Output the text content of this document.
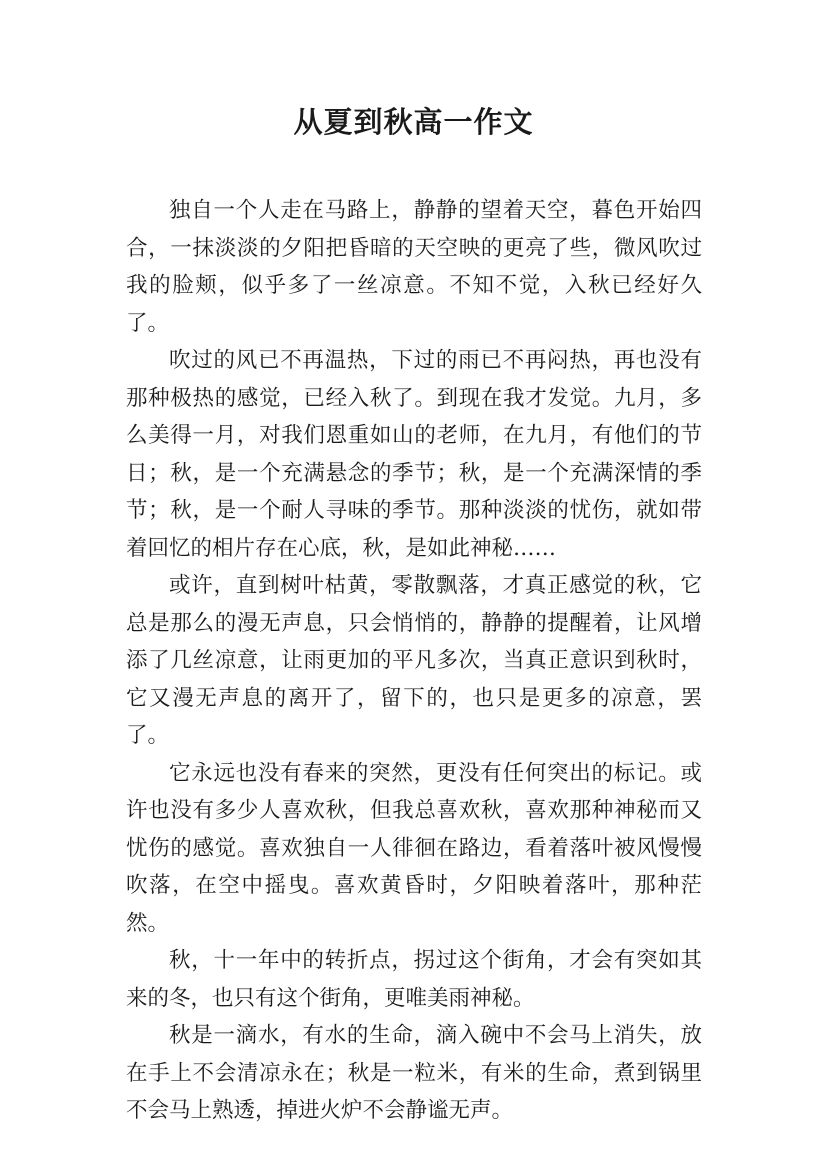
从夏到秋高一作文

独自一个人走在马路上，静静的望着天空，暮色开始四合，一抹淡淡的夕阳把昏暗的天空映的更亮了些，微风吹过我的脸颊，似乎多了一丝凉意。不知不觉，入秋已经好久了。

吹过的风已不再温热，下过的雨已不再闷热，再也没有那种极热的感觉，已经入秋了。到现在我才发觉。九月，多么美得一月，对我们恩重如山的老师，在九月，有他们的节日；秋，是一个充满悬念的季节；秋，是一个充满深情的季节；秋，是一个耐人寻味的季节。那种淡淡的忧伤，就如带着回忆的相片存在心底，秋，是如此神秘……

或许，直到树叶枯黄，零散飘落，才真正感觉的秋，它总是那么的漫无声息，只会悄悄的，静静的提醒着，让风增添了几丝凉意，让雨更加的平凡多次，当真正意识到秋时，它又漫无声息的离开了，留下的，也只是更多的凉意，罢了。

它永远也没有春来的突然，更没有任何突出的标记。或许也没有多少人喜欢秋，但我总喜欢秋，喜欢那种神秘而又忧伤的感觉。喜欢独自一人徘徊在路边，看着落叶被风慢慢吹落，在空中摇曳。喜欢黄昏时，夕阳映着落叶，那种茫然。

秋，十一年中的转折点，拐过这个街角，才会有突如其来的冬，也只有这个街角，更唯美雨神秘。

秋是一滴水，有水的生命，滴入碗中不会马上消失，放在手上不会清凉永在；秋是一粒米，有米的生命，煮到锅里不会马上熟透，掉进火炉不会静谧无声。
